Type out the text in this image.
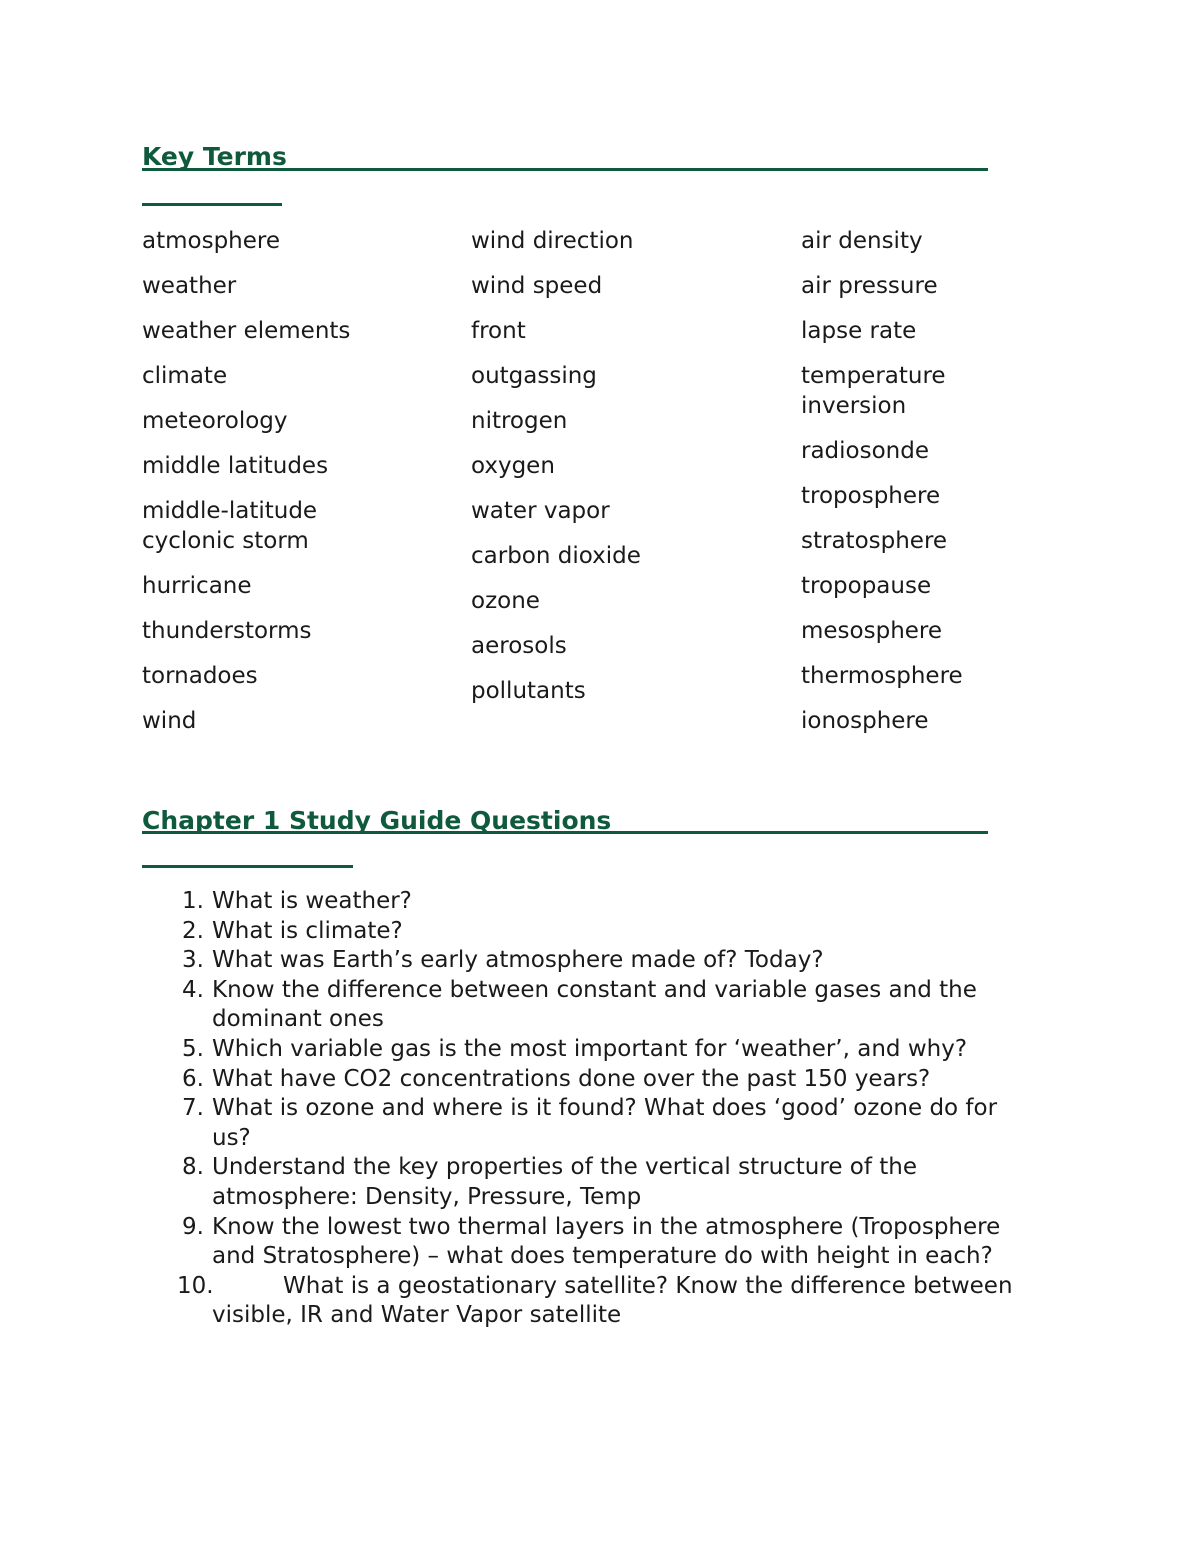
Key Terms
atmosphere
weather
weather elements
climate
meteorology
middle latitudes
middle-latitude cyclonic storm
hurricane
thunderstorms
tornadoes
wind
wind direction
wind speed
front
outgassing
nitrogen
oxygen
water vapor
carbon dioxide
ozone
aerosols
pollutants
air density
air pressure
lapse rate
temperature inversion
radiosonde
troposphere
stratosphere
tropopause
mesosphere
thermosphere
ionosphere
Chapter 1 Study Guide Questions
1. What is weather?
2. What is climate?
3. What was Earth’s early atmosphere made of? Today?
4. Know the difference between constant and variable gases and the dominant ones
5. Which variable gas is the most important for ‘weather’, and why?
6. What have CO2 concentrations done over the past 150 years?
7. What is ozone and where is it found? What does ‘good’ ozone do for us?
8. Understand the key properties of the vertical structure of the atmosphere: Density, Pressure, Temp
9. Know the lowest two thermal layers in the atmosphere (Troposphere and Stratosphere) – what does temperature do with height in each?
10.	What is a geostationary satellite? Know the difference between visible, IR and Water Vapor satellite
